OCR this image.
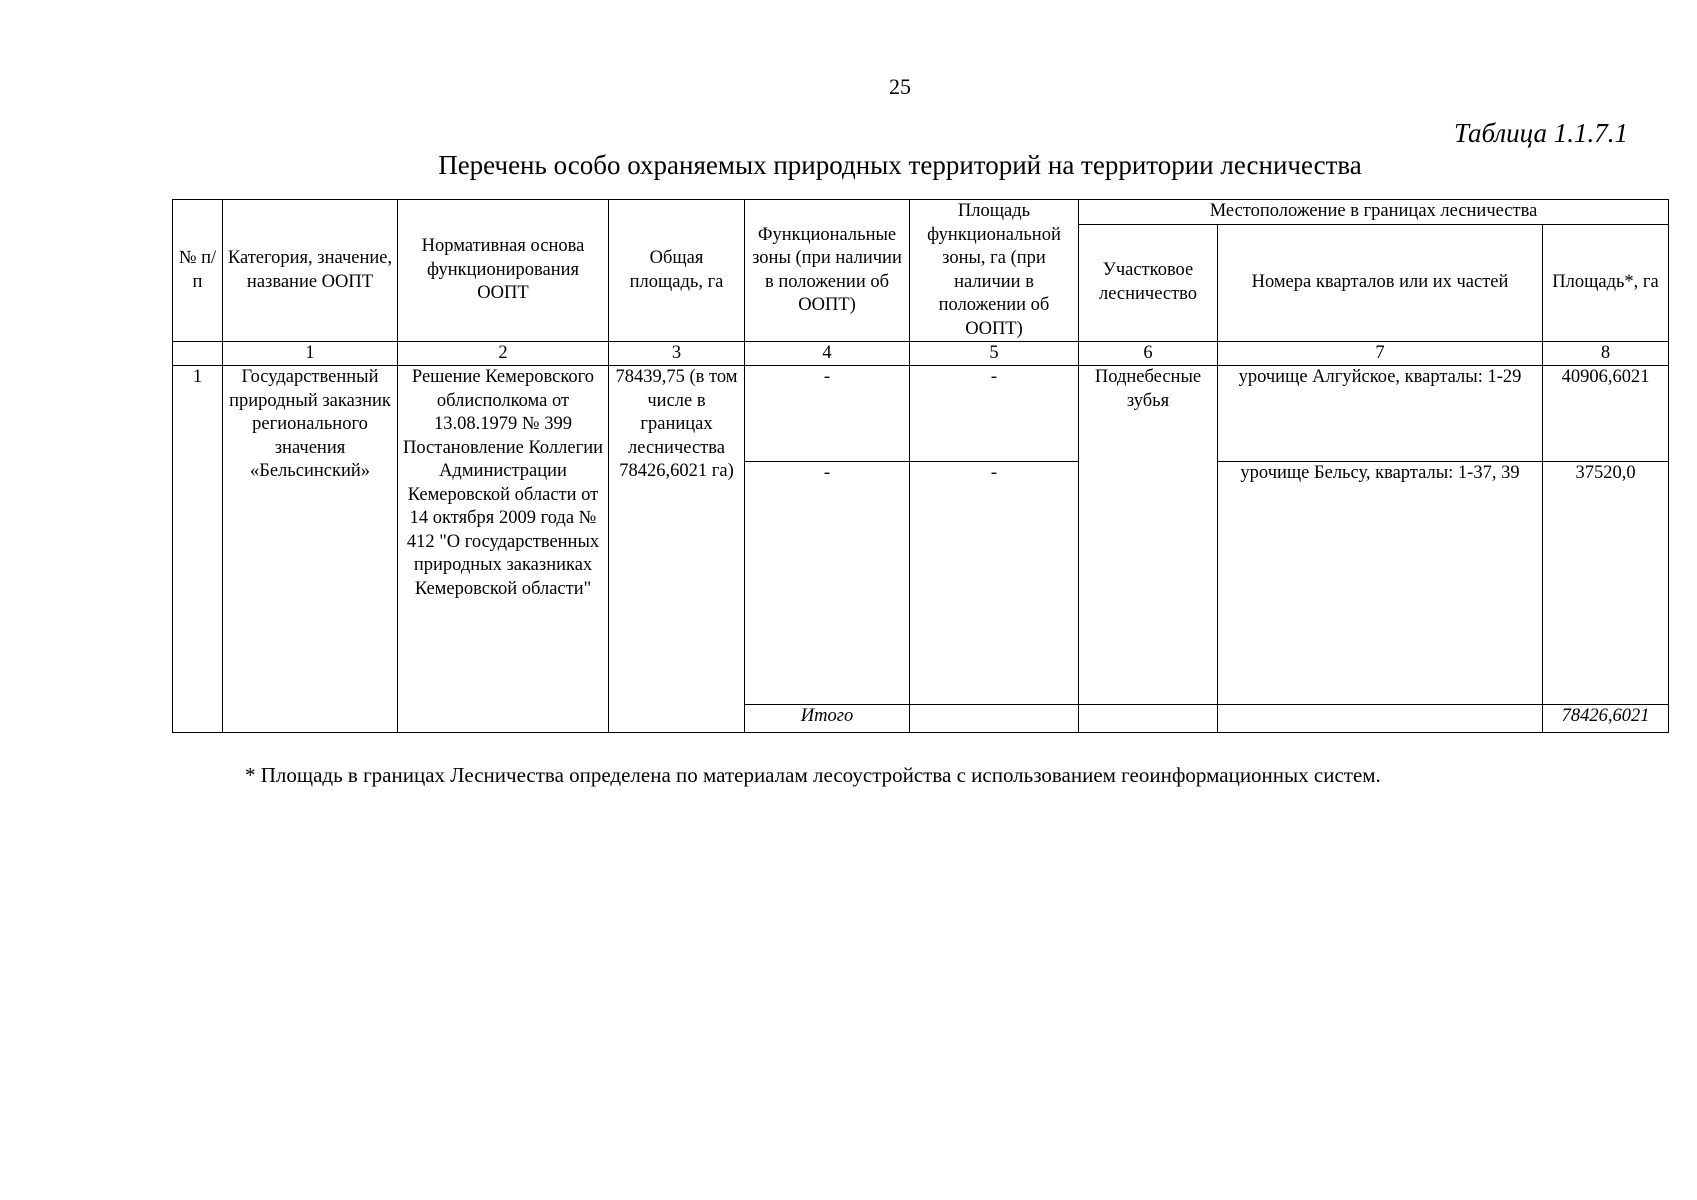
25
Таблица 1.1.7.1
Перечень особо охраняемых природных территорий на территории лесничества
№ п/п	Категория, значение, название ООПТ	Нормативная основа функционирования ООПТ	Общая площадь, га	Функциональные зоны (при наличии в положении об ООПТ)	Площадь функциональной зоны, га (при наличии в положении об ООПТ)	Местоположение в границах лесничества		
						Участковое лесничество	Номера кварталов или их частей	Площадь*, га
	1	2	3	4	5	6	7	8
1	Государственный природный заказник регионального значения «Бельсинский»	Решение Кемеровского облисполкома от 13.08.1979 № 399 Постановление Коллегии Администрации Кемеровской области от 14 октября 2009 года № 412 "О государственных природных заказниках Кемеровской области"	78439,75 (в том числе в границах лесничества 78426,6021 га)	-	-	Поднебесные зубья	урочище Алгуйское, кварталы: 1-29	40906,6021
				-	-		урочище Бельсу, кварталы: 1-37, 39	37520,0
				Итого				78426,6021
* Площадь в границах Лесничества определена по материалам лесоустройства с использованием геоинформационных систем.
